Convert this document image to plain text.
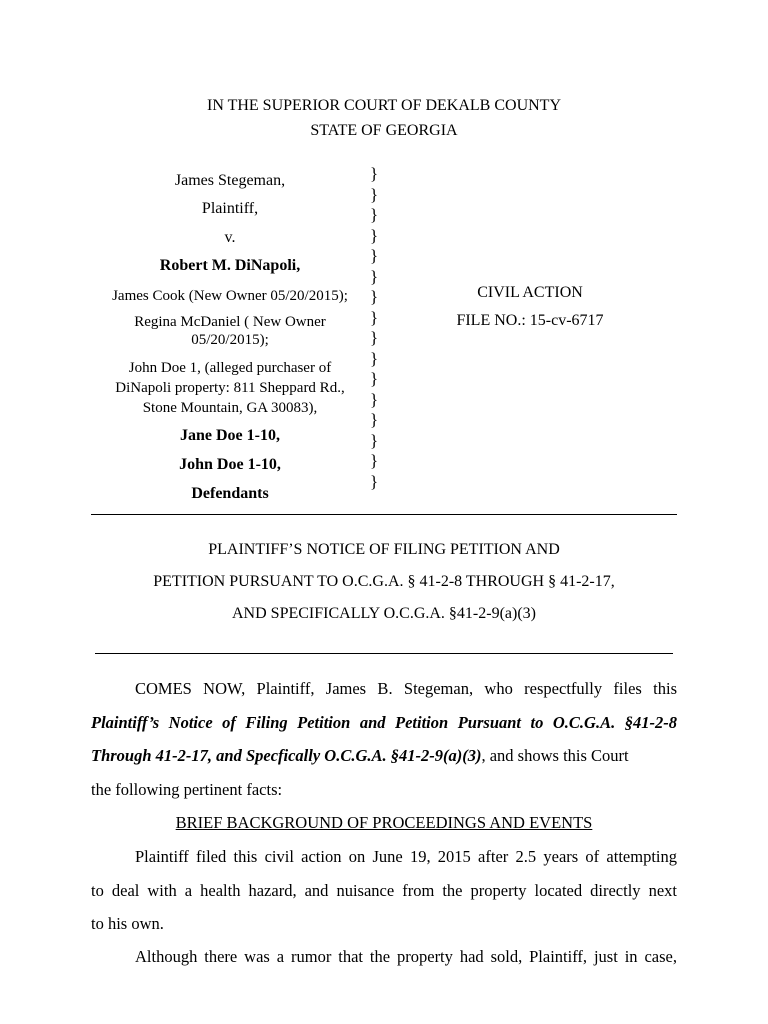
IN THE SUPERIOR COURT OF DEKALB COUNTY
STATE OF GEORGIA
James Stegeman,
Plaintiff,
v.
Robert M. DiNapoli,
James Cook (New Owner 05/20/2015);
Regina McDaniel ( New Owner
05/20/2015);
John Doe 1, (alleged purchaser of
DiNapoli property: 811 Sheppard Rd.,
Stone Mountain, GA 30083),
Jane Doe 1-10,
John Doe 1-10,
Defendants
}
}
}
}
}
}
}
}
}
}
}
}
}
}
}
}
CIVIL ACTION
FILE NO.: 15-cv-6717
PLAINTIFF’S NOTICE OF FILING PETITION AND
PETITION PURSUANT TO O.C.G.A. § 41-2-8 THROUGH § 41-2-17,
AND SPECIFICALLY O.C.G.A. §41-2-9(a)(3)
COMES NOW, Plaintiff, James B. Stegeman, who respectfully files this
Plaintiff’s Notice of Filing Petition and Petition Pursuant to O.C.G.A. §41-2-8
Through 41-2-17, and Specfically O.C.G.A. §41-2-9(a)(3), and shows this Court
the following pertinent facts:
BRIEF BACKGROUND OF PROCEEDINGS AND EVENTS
Plaintiff filed this civil action on June 19, 2015 after 2.5 years of attempting
to deal with a health hazard, and nuisance from the property located directly next
to his own.
Although there was a rumor that the property had sold, Plaintiff, just in case,
